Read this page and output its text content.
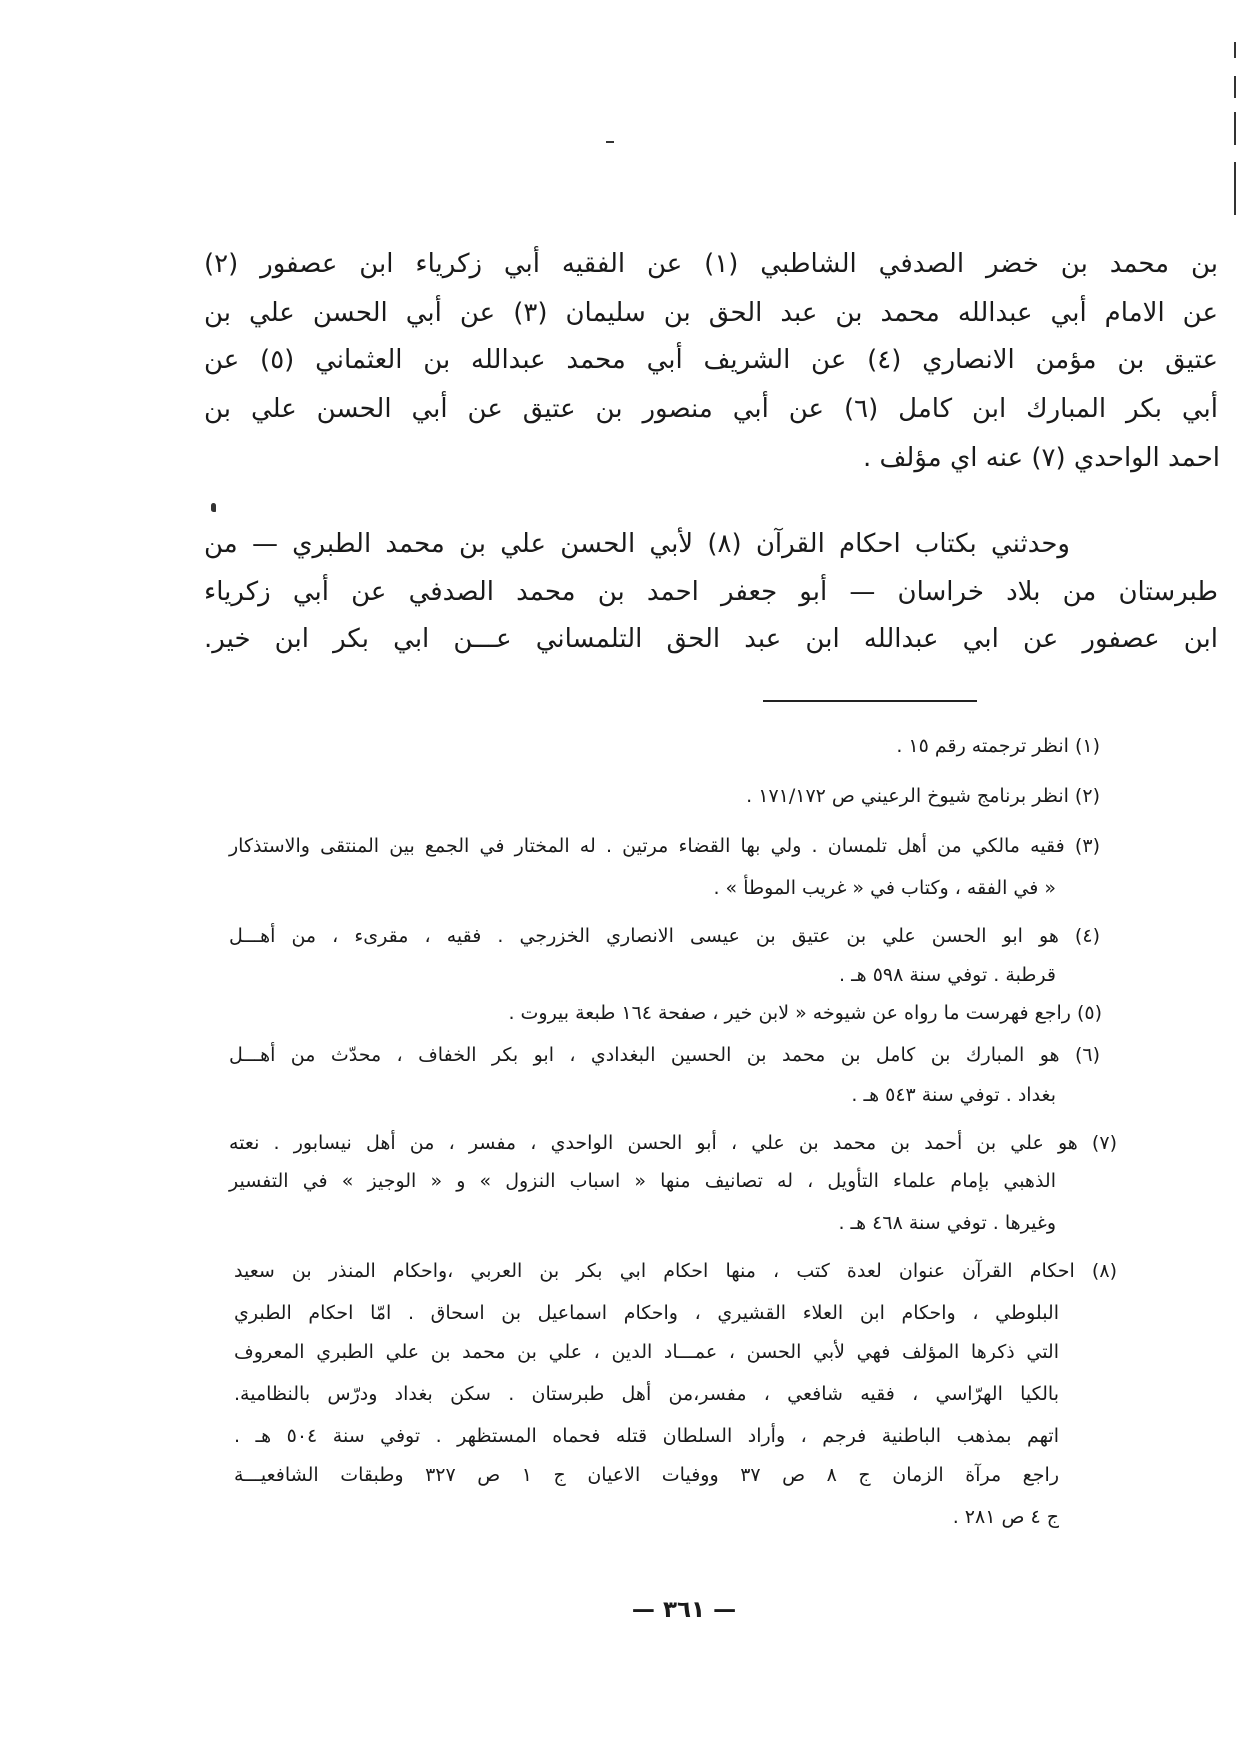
بن محمد بن خضر الصدفي الشاطبي (١) عن الفقيه أبي زكرياء ابن عصفور (٢)
عن الامام أبي عبدالله محمد بن عبد الحق بن سليمان (٣) عن أبي الحسن علي بن
عتيق بن مؤمن الانصاري (٤) عن الشريف أبي محمد عبدالله بن العثماني (٥) عن
أبي بكر المبارك ابن كامل (٦) عن أبي منصور بن عتيق عن أبي الحسن علي بن
احمد الواحدي (٧) عنه اي مؤلف .
وحدثني بكتاب احكام القرآن (٨) لأبي الحسن علي بن محمد الطبري — من
طبرستان من بلاد خراسان — أبو جعفر احمد بن محمد الصدفي عن أبي زكرياء
ابن عصفور عن ابي عبدالله ابن عبد الحق التلمساني عـــن ابي بكر ابن خير.
(١) انظر ترجمته رقم ١٥ .
(٢) انظر برنامج شيوخ الرعيني ص ١٧١/١٧٢ .
(٣) فقيه مالكي من أهل تلمسان . ولي بها القضاء مرتين . له المختار في الجمع بين المنتقى والاستذكار
« في الفقه ، وكتاب في « غريب الموطأ » .
(٤) هو ابو الحسن علي بن عتيق بن عيسى الانصاري الخزرجي . فقيه ، مقرىء ، من أهـــل
قرطبة . توفي سنة ٥٩٨ هـ .
(٥) راجع فهرست ما رواه عن شيوخه « لابن خير ، صفحة ١٦٤ طبعة بيروت .
(٦) هو المبارك بن كامل بن محمد بن الحسين البغدادي ، ابو بكر الخفاف ، محدّث من أهـــل
بغداد . توفي سنة ٥٤٣ هـ .
(٧) هو علي بن أحمد بن محمد بن علي ، أبو الحسن الواحدي ، مفسر ، من أهل نيسابور . نعته
الذهبي بإمام علماء التأويل ، له تصانيف منها « اسباب النزول » و « الوجيز » في التفسير
وغيرها . توفي سنة ٤٦٨ هـ .
(٨) احكام القرآن عنوان لعدة كتب ، منها احكام ابي بكر بن العربي ،واحكام المنذر بن سعيد
البلوطي ، واحكام ابن العلاء القشيري ، واحكام اسماعيل بن اسحاق . امّا احكام الطبري
التي ذكرها المؤلف فهي لأبي الحسن ، عمـــاد الدين ، علي بن محمد بن علي الطبري المعروف
بالكيا الهرّاسي ، فقيه شافعي ، مفسر،من أهل طبرستان . سكن بغداد ودرّس بالنظامية.
اتهم بمذهب الباطنية فرجم ، وأراد السلطان قتله فحماه المستظهر . توفي سنة ٥٠٤ هـ .
راجع مرآة الزمان ج ٨ ص ٣٧ ووفيات الاعيان ج ١ ص ٣٢٧ وطبقات الشافعيـــة
ج ٤ ص ٢٨١ .
— ٣٦١ —
